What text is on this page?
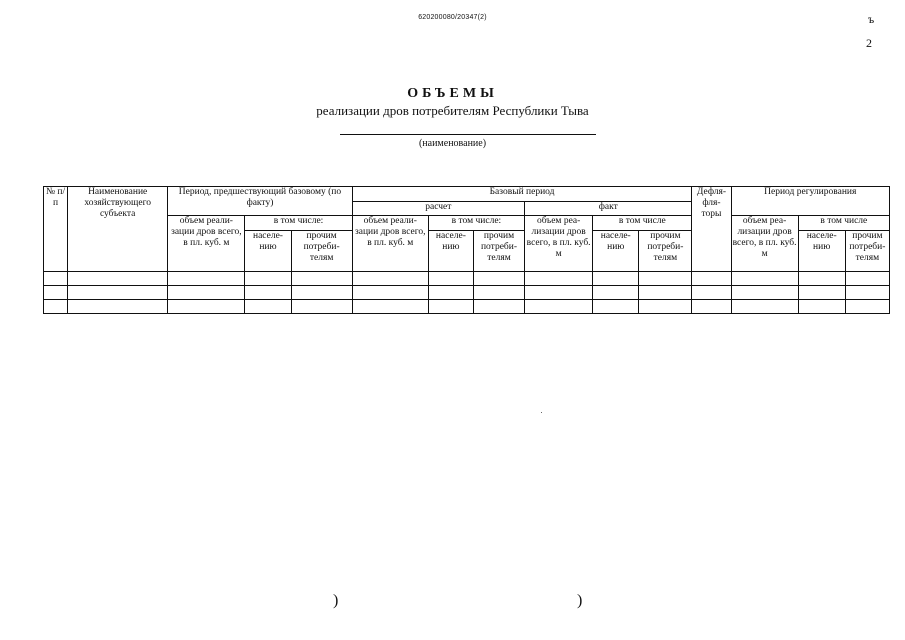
620200080/20347(2)	ъ
2
ОБЪЕМЫ
реализации дров потребителям Республики Тыва
(наименование)
№ п/п	Наименование хозяйствующего субъекта	Период, предшествующий базовому (по факту)			Базовый период						Дефля-фля-торы	Период регулирования		
					расчет			факт						
		объем реали-зации дров всего, в пл. куб. м	в том числе:		объем реали-зации дров всего, в пл. куб. м	в том числе:		объем реа-лизации дров всего, в пл. куб. м	в том числе			объем реа-лизации дров всего, в пл. куб. м	в том числе	
			населе-нию	прочим потреби-телям		населе-нию	прочим потреби-телям		населе-нию	прочим потреби-телям			населе-нию	прочим потреби-телям

)	)
